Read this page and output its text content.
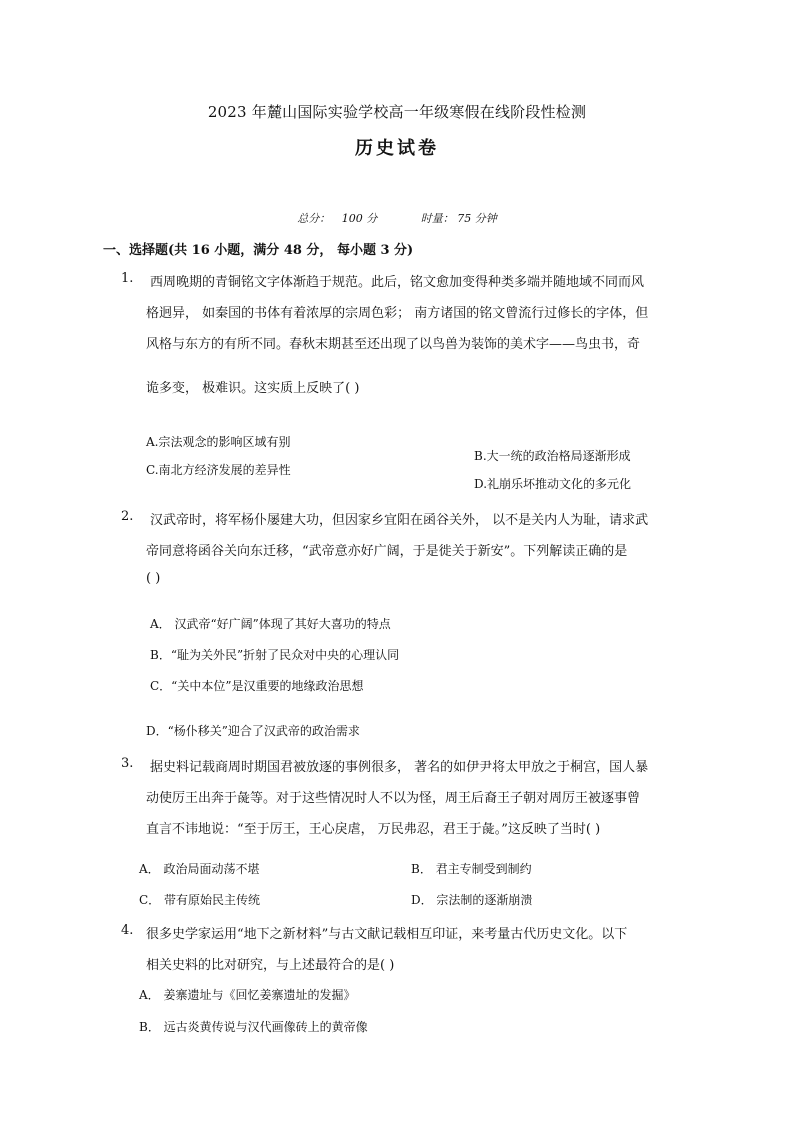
2023 年麓山国际实验学校高一年级寒假在线阶段性检测
历史试卷
总分： 100 分	时量： 75 分钟
一、选择题(共 16 小题，满分 48 分， 每小题 3 分)
1. 西周晚期的青铜铭文字体渐趋于规范。此后，铭文愈加变得种类多端并随地域不同而风
格迥异， 如秦国的书体有着浓厚的宗周色彩； 南方诸国的铭文曾流行过修长的字体，但
风格与东方的有所不同。春秋末期甚至还出现了以鸟兽为装饰的美术字——鸟虫书，奇
诡多变， 极难识。这实质上反映了( )
A.宗法观念的影响区域有别
B.大一统的政治格局逐渐形成
C.南北方经济发展的差异性
D.礼崩乐坏推动文化的多元化
2. 汉武帝时，将军杨仆屡建大功，但因家乡宜阳在函谷关外， 以不是关内人为耻，请求武
帝同意将函谷关向东迁移，“武帝意亦好广阔，于是徙关于新安”。下列解读正确的是
( )
A． 汉武帝“好广阔”体现了其好大喜功的特点
B．“耻为关外民”折射了民众对中央的心理认同
C．“关中本位”是汉重要的地缘政治思想
D．“杨仆移关”迎合了汉武帝的政治需求
3. 据史料记载商周时期国君被放逐的事例很多， 著名的如伊尹将太甲放之于桐宫，国人暴
动使厉王出奔于彘等。对于这些情况时人不以为怪，周王后裔王子朝对周厉王被逐事曾
直言不讳地说：“至于厉王，王心戾虐， 万民弗忍，君王于彘。”这反映了当时( )
A． 政治局面动荡不堪	B． 君主专制受到制约
C． 带有原始民主传统	D． 宗法制的逐渐崩溃
4. 很多史学家运用“地下之新材料”与古文献记载相互印证，来考量古代历史文化。以下
相关史料的比对研究，与上述最符合的是( )
A． 姜寨遗址与《回忆姜寨遗址的发掘》
B． 远古炎黄传说与汉代画像砖上的黄帝像
